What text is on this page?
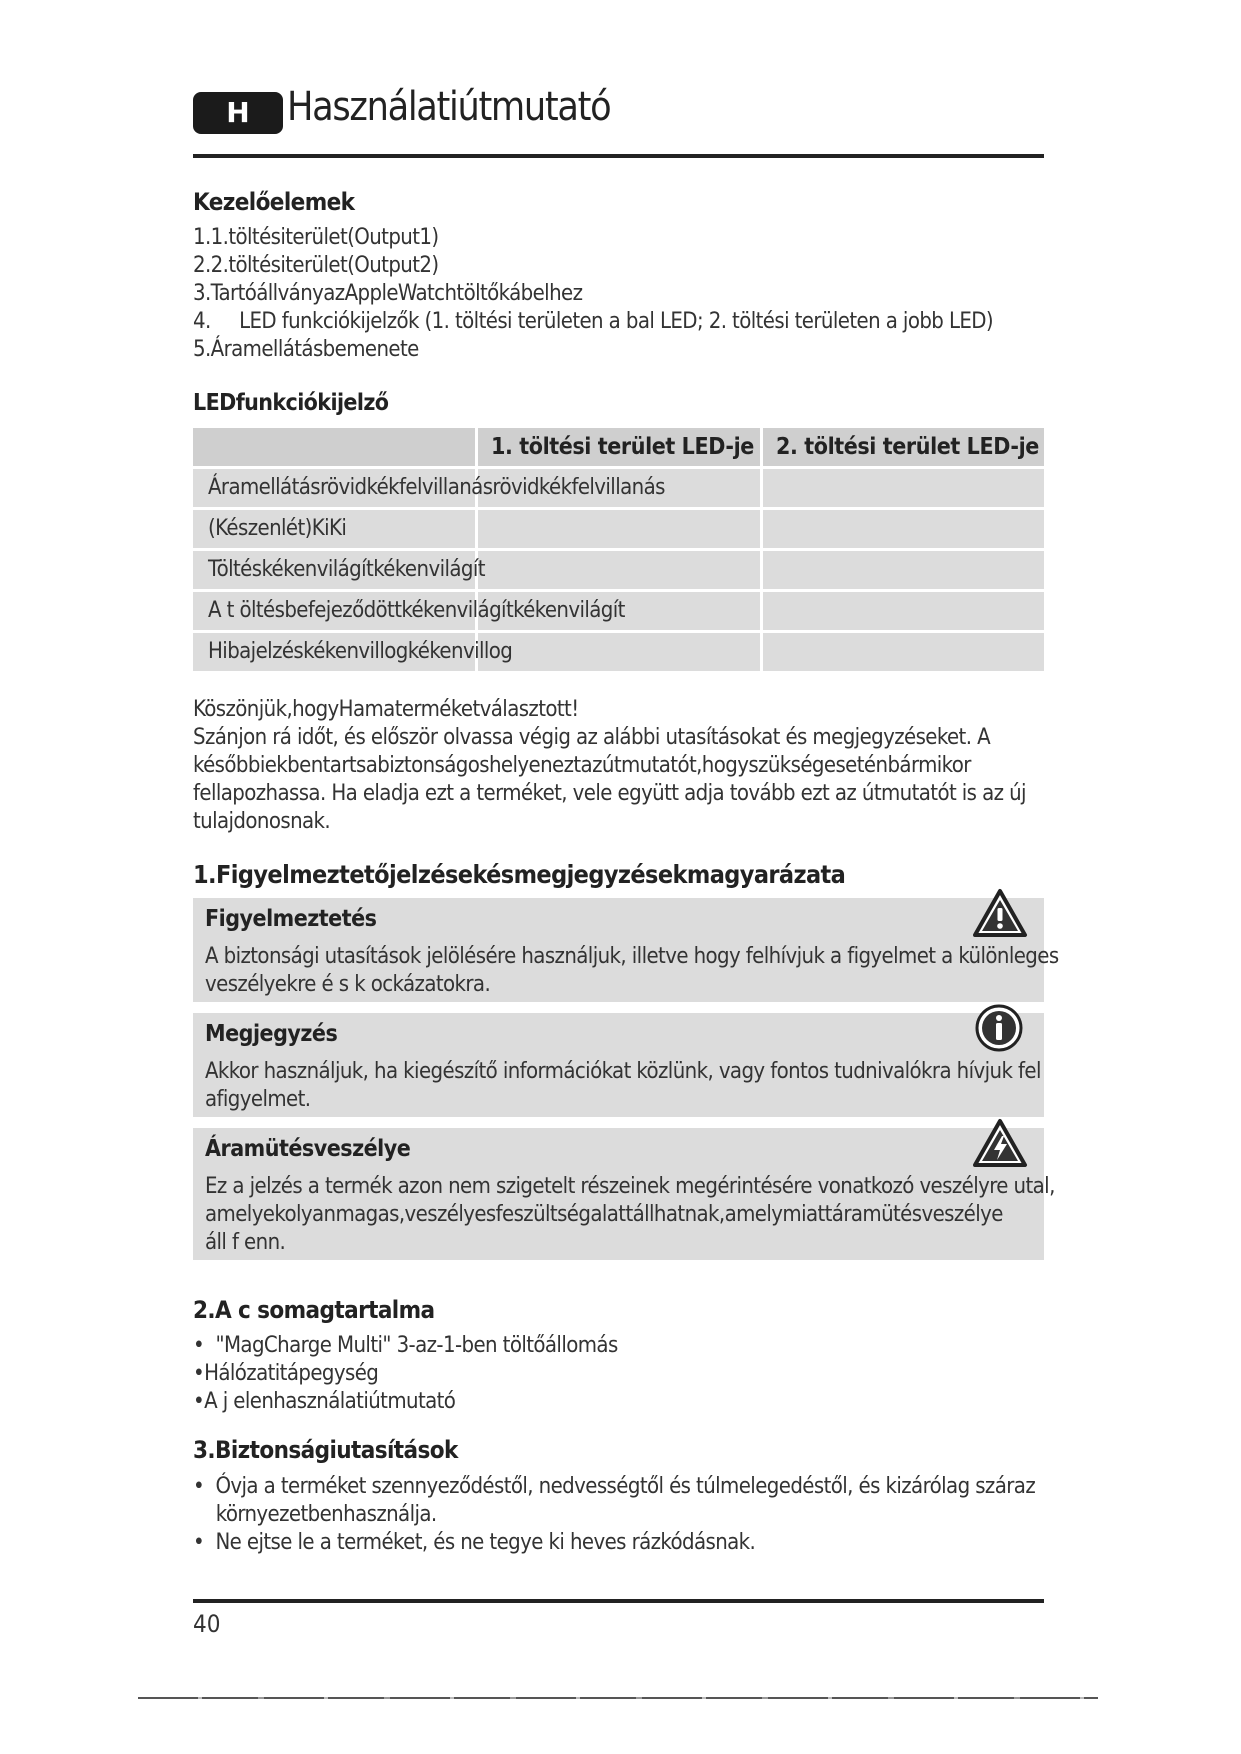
H Használatiútmutató
Kezelőelemek
1.1.töltésiterület(Output1)
2.2.töltésiterület(Output2)
3.TartóállványazAppleWatchtöltőkábelhez
4.     LED funkciókijelzők (1. töltési területen a bal LED; 2. töltési területen a jobb LED)
5.Áramellátásbemenete
LEDfunkciókijelző
1. töltési terület LED-je 2. töltési terület LED-je
Áramellátásrövidkékfelvillanásrövidkékfelvillanás
(Készenlét)KiKi
Töltéskékenvilágítkékenvilágít
A t öltésbefejeződöttkékenvilágítkékenvilágít
Hibajelzéskékenvillogkékenvillog
Köszönjük,hogyHamaterméketválasztott!
Szánjon rá időt, és először olvassa végig az alábbi utasításokat és megjegyzéseket. A
későbbiekbentartsabiztonságoshelyeneztazútmutatót,hogyszükségeseténbármikor
fellapozhassa. Ha eladja ezt a terméket, vele együtt adja tovább ezt az útmutatót is az új
tulajdonosnak.
1.Figyelmeztetőjelzésekésmegjegyzésekmagyarázata
Figyelmeztetés
A biztonsági utasítások jelölésére használjuk, illetve hogy felhívjuk a figyelmet a különleges
veszélyekre é s k ockázatokra.
Megjegyzés
Akkor használjuk, ha kiegészítő információkat közlünk, vagy fontos tudnivalókra hívjuk fel
afigyelmet.
Áramütésveszélye
Ez a jelzés a termék azon nem szigetelt részeinek megérintésére vonatkozó veszélyre utal,
amelyekolyanmagas,veszélyesfeszültségalattállhatnak,amelymiattáramütésveszélye
áll f enn.
2.A c somagtartalma
•  "MagCharge Multi" 3-az-1-ben töltőállomás
•Hálózatitápegység
•A j elenhasználatiútmutató
3.Biztonságiutasítások
•  Óvja a terméket szennyeződéstől, nedvességtől és túlmelegedéstől, és kizárólag száraz
környezetbenhasználja.
•  Ne ejtse le a terméket, és ne tegye ki heves rázkódásnak.
40
